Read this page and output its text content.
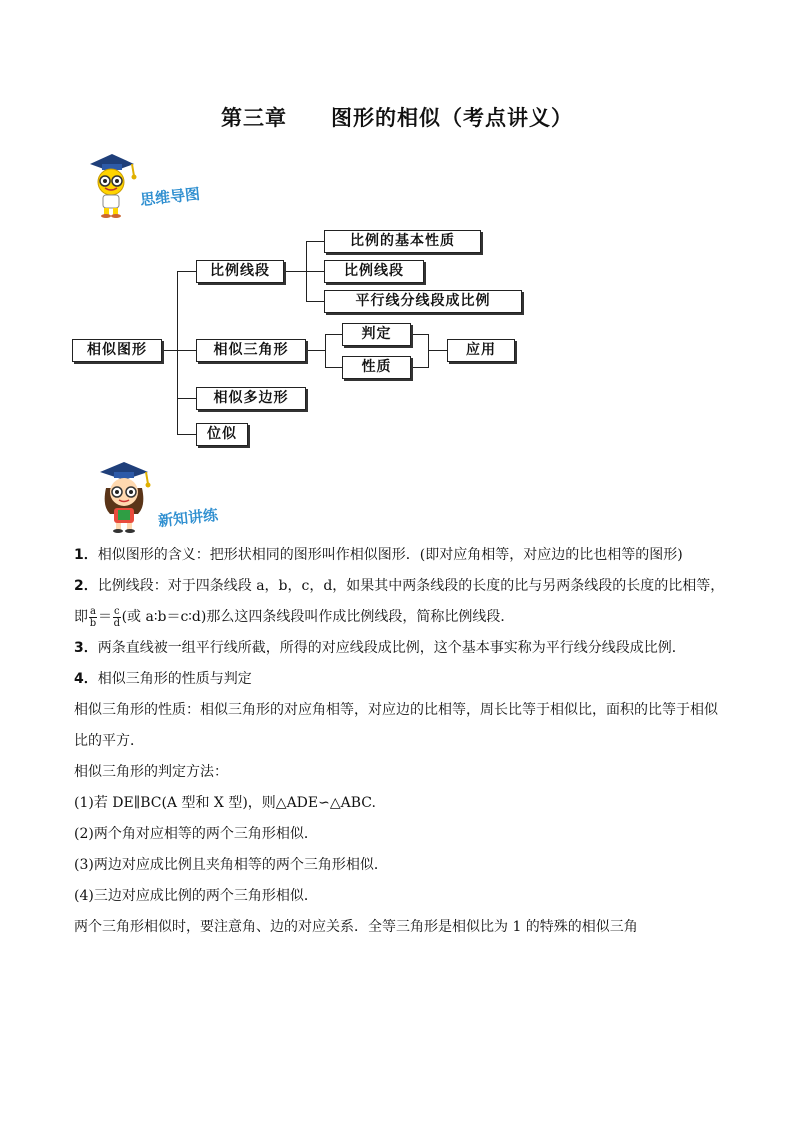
第三章　　图形的相似（考点讲义）
思维导图
相似图形
比例线段
比例的基本性质
比例线段
平行线分线段成比例
相似三角形
判定
性质
应用
相似多边形
位似
新知讲练

1．相似图形的含义：把形状相同的图形叫作相似图形．(即对应角相等，对应边的比也相等的图形)

2．比例线段：对于四条线段 a，b，c，d，如果其中两条线段的长度的比与另两条线段的长度的比相等，即 $\frac{a}{b} = \frac{c}{d}$ (或 a∶b＝c∶d)那么这四条线段叫作成比例线段，简称比例线段．

3．两条直线被一组平行线所截，所得的对应线段成比例，这个基本事实称为平行线分线段成比例．

4．相似三角形的性质与判定

相似三角形的性质：相似三角形的对应角相等，对应边的比相等，周长比等于相似比，面积的比等于相似比的平方．

相似三角形的判定方法：

(1)若 DE∥BC(A 型和 X 型)，则△ADE∽△ABC.

(2)两个角对应相等的两个三角形相似．

(3)两边对应成比例且夹角相等的两个三角形相似．

(4)三边对应成比例的两个三角形相似．

两个三角形相似时，要注意角、边的对应关系．全等三角形是相似比为 1 的特殊的相似三角
